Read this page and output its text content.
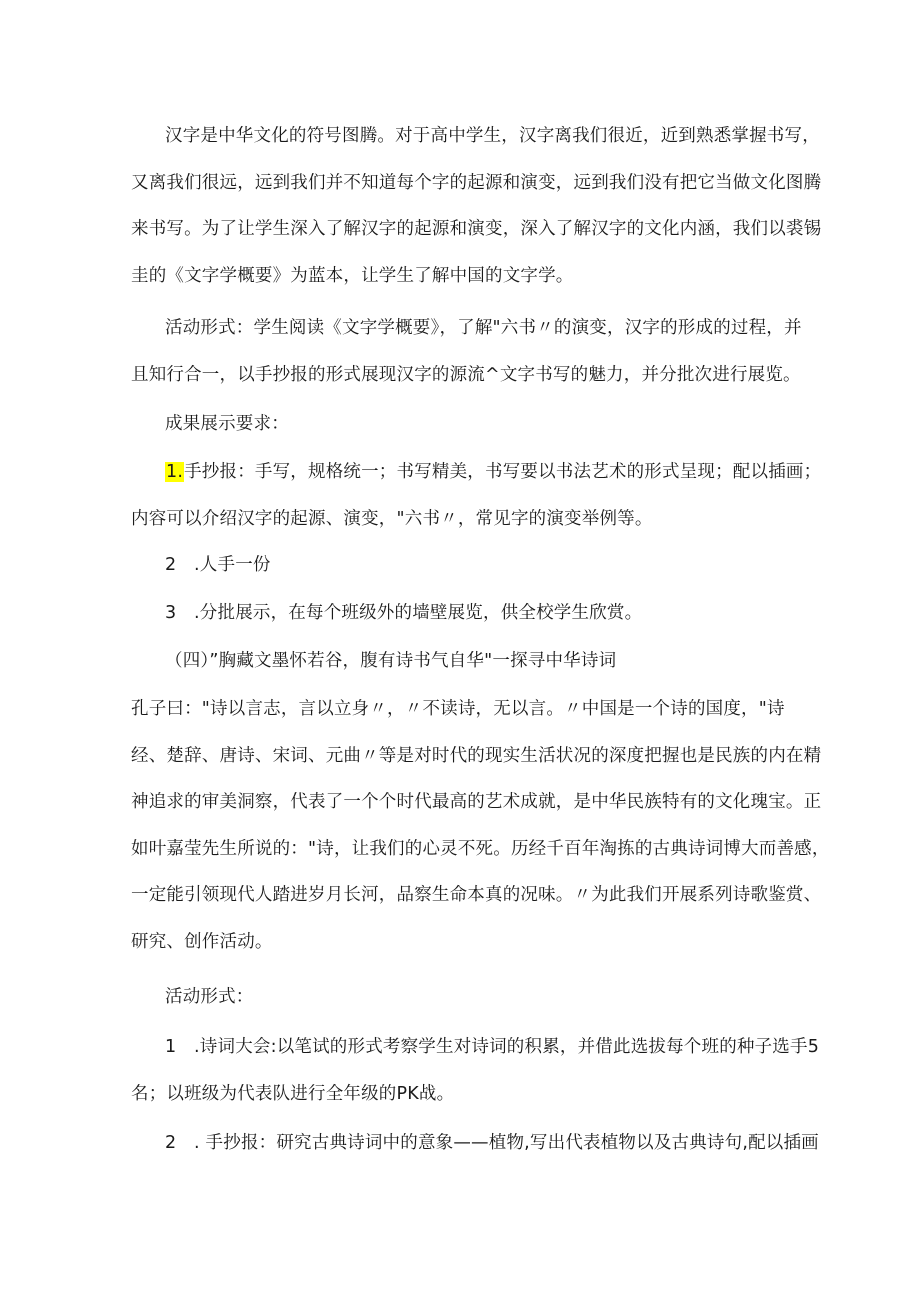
汉字是中华文化的符号图腾。对于高中学生，汉字离我们很近，近到熟悉掌握书写，
又离我们很远，远到我们并不知道每个字的起源和演变，远到我们没有把它当做文化图腾
来书写。为了让学生深入了解汉字的起源和演变，深入了解汉字的文化内涵，我们以裘锡
圭的《文字学概要》为蓝本，让学生了解中国的文字学。
活动形式：学生阅读《文字学概要》，了解"六书〃的演变，汉字的形成的过程，并
且知行合一，以手抄报的形式展现汉字的源流^文字书写的魅力，并分批次进行展览。
成果展示要求：
1.手抄报：手写，规格统一；书写精美，书写要以书法艺术的形式呈现；配以插画；
内容可以介绍汉字的起源、演变，"六书〃，常见字的演变举例等。
2　.人手一份
3　.分批展示，在每个班级外的墙壁展览，供全校学生欣赏。
（四）”胸藏文墨怀若谷，腹有诗书气自华"一探寻中华诗词
孔子曰："诗以言志，言以立身〃，〃不读诗，无以言。〃中国是一个诗的国度，"诗
经、楚辞、唐诗、宋词、元曲〃等是对时代的现实生活状况的深度把握也是民族的内在精
神追求的审美洞察，代表了一个个时代最高的艺术成就，是中华民族特有的文化瑰宝。正
如叶嘉莹先生所说的："诗，让我们的心灵不死。历经千百年淘拣的古典诗词博大而善感，
一定能引领现代人踏进岁月长河，品察生命本真的况味。〃为此我们开展系列诗歌鉴赏、
研究、创作活动。
活动形式：
1　.诗词大会:以笔试的形式考察学生对诗词的积累，并借此选拔每个班的种子选手5
名；以班级为代表队进行全年级的PK战。
2　. 手抄报：研究古典诗词中的意象——植物,写出代表植物以及古典诗句,配以插画
